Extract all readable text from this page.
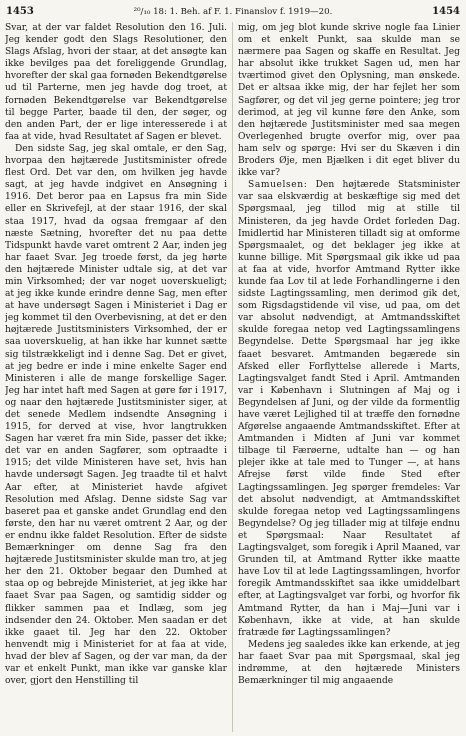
1453	²⁰/₁₀ 18: 1. Beh. af F. 1. Finanslov f. 1919—20.	1454

Svar, at der var faldet Resolution den 16. Juli. Jeg kender godt den Slags Resolutioner, den Slags Afslag, hvori der staar, at det ansøgte kan ikke bevilges paa det foreliggende Grundlag, hvorefter der skal gaa fornøden Bekendtgørelse ud til Parterne, men jeg havde dog troet, at fornøden Bekendtgørelse var Bekendtgørelse til begge Parter, baade til den, der søger, og den anden Part, der er lige interesserede i at faa at vide, hvad Resultatet af Sagen er blevet.

Den sidste Sag, jeg skal omtale, er den Sag, hvorpaa den højtærede Justitsminister ofrede flest Ord. Det var den, om hvilken jeg havde sagt, at jeg havde indgivet en Ansøgning i 1916. Det beror paa en Lapsus fra min Side eller en Skrivefejl, at der staar 1916, der skal staa 1917, hvad da ogsaa fremgaar af den næste Sætning, hvorefter det nu paa dette Tidspunkt havde varet omtrent 2 Aar, inden jeg har faaet Svar. Jeg troede først, da jeg hørte den højtærede Minister udtale sig, at det var min Virksomhed; der var noget uoverskueligt; at jeg ikke kunde erindre denne Sag, men efter at have undersøgt Sagen i Ministeriet i Dag er jeg kommet til den Overbevisning, at det er den højtærede Justitsministers Virksomhed, der er saa uoverskuelig, at han ikke har kunnet sætte sig tilstrækkeligt ind i denne Sag. Det er givet, at jeg bedre er inde i mine enkelte Sager end Ministeren i alle de mange forskellige Sager. Jeg har intet haft med Sagen at gøre før i 1917, og naar den højtærede Justitsminister siger, at det senede Medlem indsendte Ansøgning i 1915, for derved at vise, hvor langtrukken Sagen har været fra min Side, passer det ikke; det var en anden Sagfører, som optraadte i 1915; det vilde Ministeren have set, hvis han havde undersøgt Sagen. Jeg traadte til et halvt Aar efter, at Ministeriet havde afgivet Resolution med Afslag. Denne sidste Sag var baseret paa et ganske andet Grundlag end den første, den har nu været omtrent 2 Aar, og der er endnu ikke faldet Resolution. Efter de sidste Bemærkninger om denne Sag fra den højtærede Justitsminister skulde man tro, at jeg her den 21. Oktober begaar den Dumhed at staa op og bebrejde Ministeriet, at jeg ikke har faaet Svar paa Sagen, og samtidig sidder og flikker sammen paa et Indlæg, som jeg indsender den 24. Oktober. Men saadan er det ikke gaaet til. Jeg har den 22. Oktober henvendt mig i Ministeriet for at faa at vide, hvad der blev af Sagen, og der var man, da der var et enkelt Punkt, man ikke var ganske klar over, gjort den Henstilling til

mig, om jeg blot kunde skrive nogle faa Linier om et enkelt Punkt, saa skulde man se nærmere paa Sagen og skaffe en Resultat. Jeg har absolut ikke trukket Sagen ud, men har tværtimod givet den Oplysning, man ønskede. Det er altsaa ikke mig, der har fejlet her som Sagfører, og det vil jeg gerne pointere; jeg tror derimod, at jeg vil kunne føre den Anke, som den højtærede Justitsminister med saa megen Overlegenhed brugte overfor mig, over paa ham selv og spørge: Hvi ser du Skæven i din Broders Øje, men Bjælken i dit eget bliver du ikke var?

Samuelsen: Den højtærede Statsminister var saa elskværdig at beskæftige sig med det Spørgsmaal, jeg tillod mig at stille til Ministeren, da jeg havde Ordet forleden Dag. Imidlertid har Ministeren tilladt sig at omforme Spørgsmaalet, og det beklager jeg ikke at kunne billige. Mit Spørgsmaal gik ikke ud paa at faa at vide, hvorfor Amtmand Rytter ikke kunde faa Lov til at lede Forhandlingerne i den sidste Lagtingssamling, men derimod gik det, som Rigsdagstidende vil vise, ud paa, om det var absolut nødvendigt, at Amtmandsskiftet skulde foregaa netop ved Lagtingssamlingens Begyndelse. Dette Spørgsmaal har jeg ikke faaet besvaret. Amtmanden begærede sin Afsked eller Forflyttelse allerede i Marts, Lagtingsvalget fandt Sted i April. Amtmanden var i København i Slutningen af Maj og i Begyndelsen af Juni, og der vilde da formentlig have været Lejlighed til at træffe den fornødne Afgørelse angaaende Amtmandsskiftet. Efter at Amtmanden i Midten af Juni var kommet tilbage til Færøerne, udtalte han — og han plejer ikke at tale med to Tunger —, at hans Afrejse først vilde finde Sted efter Lagtingssamlingen. Jeg spørger fremdeles: Var det absolut nødvendigt, at Amtmandsskiftet skulde foregaa netop ved Lagtingssamlingens Begyndelse? Og jeg tillader mig at tilføje endnu et Spørgsmaal: Naar Resultatet af Lagtingsvalget, som foregik i April Maaned, var Grunden til, at Amtmand Rytter ikke maatte have Lov til at lede Lagtingssamlingen, hvorfor foregik Amtmandsskiftet saa ikke umiddelbart efter, at Lagtingsvalget var forbi, og hvorfor fik Amtmand Rytter, da han i Maj—Juni var i København, ikke at vide, at han skulde fratræde før Lagtingssamlingen?

Medens jeg saaledes ikke kan erkende, at jeg har faaet Svar paa mit Spørgsmaal, skal jeg indrømme, at den højtærede Ministers Bemærkninger til mig angaaende
